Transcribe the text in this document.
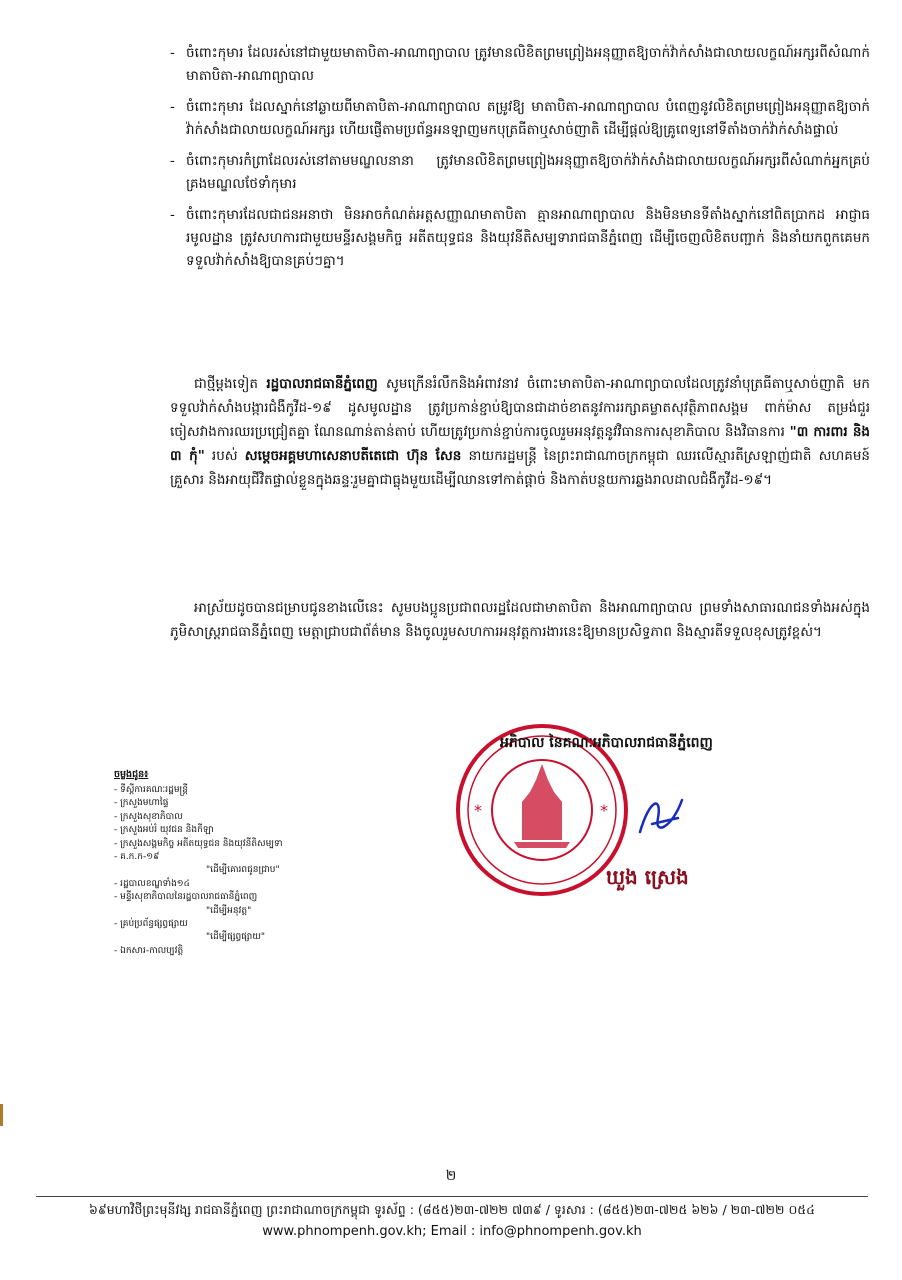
- ចំពោះកុមារ ដែលរស់នៅជាមួយមាតាបិតា-អាណាព្យាបាល ត្រូវមានលិខិតព្រមព្រៀងអនុញ្ញាតឱ្យចាក់វ៉ាក់សាំងជាលាយលក្ខណ៍អក្សរពីសំណាក់មាតាបិតា-អាណាព្យាបាល

- ចំពោះកុមារ ដែលស្នាក់នៅឆ្ងាយពីមាតាបិតា-អាណាព្យាបាល តម្រូវឱ្យ មាតាបិតា-អាណាព្យាបាល បំពេញនូវលិខិតព្រមព្រៀងអនុញ្ញាតឱ្យចាក់វ៉ាក់សាំងជាលាយលក្ខណ៍អក្សរ ហើយផ្ញើតាមប្រព័ន្ធអនឡាញមកបុត្រធីតាឬសាច់ញាតិ ដើម្បីផ្តល់ឱ្យគ្រូពេទ្យនៅទីតាំងចាក់វ៉ាក់សាំងផ្ទាល់

- ចំពោះកុមារកំព្រាដែលរស់នៅតាមមណ្ឌលនានា ត្រូវមានលិខិតព្រមព្រៀងអនុញ្ញាតឱ្យចាក់វ៉ាក់សាំងជាលាយលក្ខណ៍អក្សរពីសំណាក់អ្នកគ្រប់គ្រងមណ្ឌលថែទាំកុមារ

- ចំពោះកុមារដែលជាជនអនាថា មិនអាចកំណត់អត្តសញ្ញាណមាតាបិតា គ្មានអាណាព្យាបាល និងមិនមានទីតាំងស្នាក់នៅពិតប្រាកដ អាជ្ញាធរមូលដ្ឋាន ត្រូវសហការជាមួយមន្ទីរសង្គមកិច្ច អតីតយុទ្ធជន និងយុវនីតិសម្បទារាជធានីភ្នំពេញ ដើម្បីចេញលិខិតបញ្ជាក់ និងនាំយកពួកគេមកទទួលវ៉ាក់សាំងឱ្យបានគ្រប់ៗគ្នា។

ជាថ្មីម្តងទៀត រដ្ឋបាលរាជធានីភ្នំពេញ សូមក្រើនរំលឹកនិងអំពាវនាវ ចំពោះមាតាបិតា-អាណាព្យាបាលដែលត្រូវនាំបុត្រធីតាឬសាច់ញាតិ មកទទួលវ៉ាក់សាំងបង្ការជំងឺកូវីដ-១៩ ដូសមូលដ្ឋាន ត្រូវប្រកាន់ខ្ជាប់ឱ្យបានជាដាច់ខាតនូវការរក្សាគម្លាតសុវត្ថិភាពសង្គម ពាក់ម៉ាស តម្រង់ជួរ ចៀសវាងការឈរប្រជ្រៀតគ្នា ណែនណាន់តាន់តាប់ ហើយត្រូវប្រកាន់ខ្ជាប់ការចូលរួមអនុវត្តនូវវិធានការសុខាភិបាល និងវិធានការ "៣ ការពារ និង ៣ កុំ" របស់ សម្តេចអគ្គមហាសេនាបតីតេជោ ហ៊ុន សែន នាយករដ្ឋមន្ត្រី នៃព្រះរាជាណាចក្រកម្ពុជា ឈរលើស្មារតីស្រឡាញ់ជាតិ សហគមន៍ គ្រួសារ និងអាយុជីវិតផ្ទាល់ខ្លួនក្នុងឆន្ទៈរួមគ្នាជាធ្លុងមួយដើម្បីឈានទៅកាត់ផ្តាច់ និងកាត់បន្ថយការឆ្លងរាលដាលជំងឺកូវីដ-១៩។

អាស្រ័យដូចបានជម្រាបជូនខាងលើនេះ សូមបងប្អូនប្រជាពលរដ្ឋដែលជាមាតាបិតា និងអាណាព្យាបាល ព្រមទាំងសាធារណជនទាំងអស់ក្នុងភូមិសាស្ត្ររាជធានីភ្នំពេញ មេត្តាជ្រាបជាព័ត៌មាន និងចូលរួមសហការអនុវត្តការងារនេះឱ្យមានប្រសិទ្ធភាព និងស្មារតីទទួលខុសត្រូវខ្ពស់។

*	*
អភិបាល នៃគណៈអភិបាលរាជធានីភ្នំពេញ
ឃួង ស្រេង

ចម្លងជូន៖

- ទីស្តីការគណៈរដ្ឋមន្ត្រី

- ក្រសួងមហាផ្ទៃ

- ក្រសួងសុខាភិបាល

- ក្រសួងអប់រំ យុវជន និងកីឡា

- ក្រសួងសង្គមកិច្ច អតីតយុទ្ធជន និងយុវនីតិសម្បទា

- គ.ក.ក-១៩

"ដើម្បីគោរពជូនជ្រាប"

- រដ្ឋបាលខណ្ឌទាំង១៤

- មន្ទីរសុខាភិបាលនៃរដ្ឋបាលរាជធានីភ្នំពេញ

"ដើម្បីអនុវត្ត"

- គ្រប់ប្រព័ន្ធផ្សព្វផ្សាយ

"ដើម្បីផ្សព្វផ្សាយ"

- ឯកសារ-កាលប្បវត្តិ

២
៦៩មហាវិថីព្រះមុនីវង្ស រាជធានីភ្នំពេញ ព្រះរាជាណាចក្រកម្ពុជា ទូរស័ព្ទ : (៨៥៥)២៣-៧២២ ៧៣៩ / ទូរសារ : (៨៥៥)២៣-៧២៥ ៦២៦ / ២៣-៧២២ ០៥៤
www.phnompenh.gov.kh; Email : info@phnompenh.gov.kh
